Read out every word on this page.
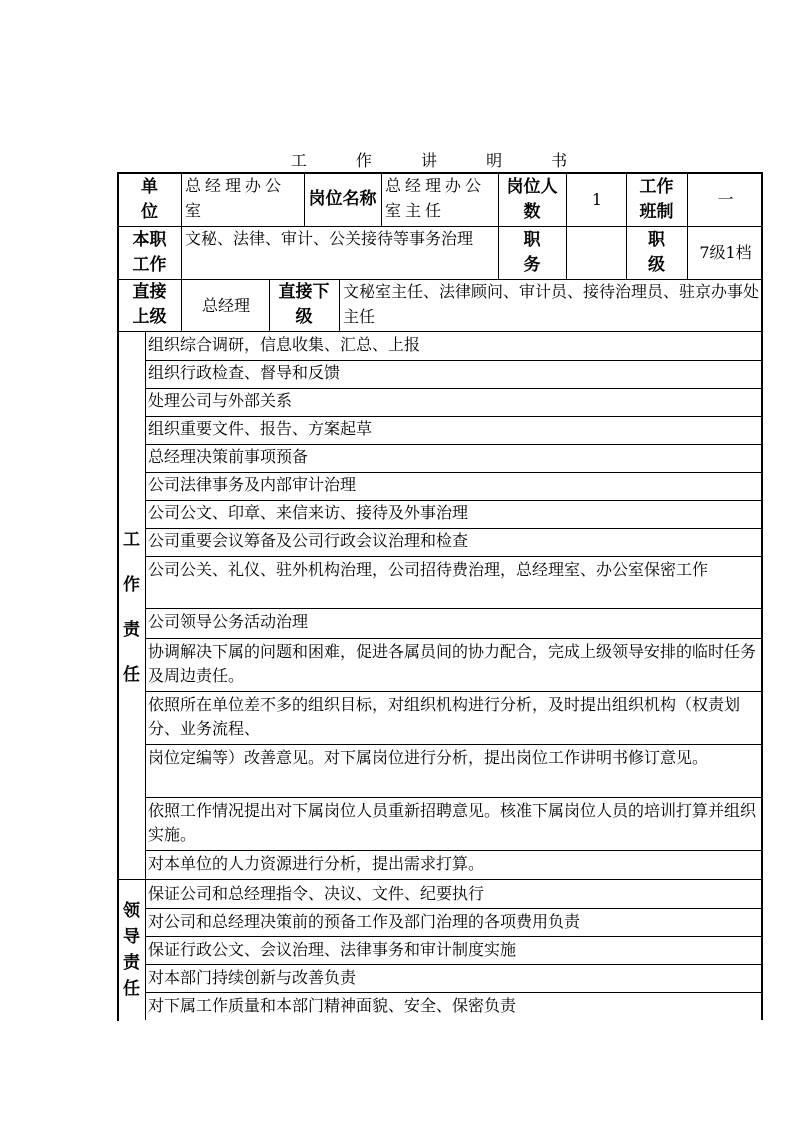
工 作 讲 明 书
单位
总经理办公室
岗位名称
总经理办公室主任
岗位人数
1
工作班制
一
本职工作
文秘、法律、审计、公关接待等事务治理	职务
职级
7级1档
直接上级
总经理
直接下级
文秘室主任、法律顾问、审计员、接待治理员、驻京办事处主任
工
作
责
任
组织综合调研，信息收集、汇总、上报
组织行政检查、督导和反馈
处理公司与外部关系
组织重要文件、报告、方案起草
总经理决策前事项预备
公司法律事务及内部审计治理
公司公文、印章、来信来访、接待及外事治理
公司重要会议筹备及公司行政会议治理和检查
公司公关、礼仪、驻外机构治理，公司招待费治理，总经理室、办公室保密工作
公司领导公务活动治理
协调解决下属的问题和困难，促进各属员间的协力配合，完成上级领导安排的临时任务及周边责任。
依照所在单位差不多的组织目标，对组织机构进行分析，及时提出组织机构（权责划分、业务流程、
岗位定编等）改善意见。对下属岗位进行分析，提出岗位工作讲明书修订意见。
依照工作情况提出对下属岗位人员重新招聘意见。核准下属岗位人员的培训打算并组织实施。
对本单位的人力资源进行分析，提出需求打算。
领
导
责
任
保证公司和总经理指令、决议、文件、纪要执行
对公司和总经理决策前的预备工作及部门治理的各项费用负责
保证行政公文、会议治理、法律事务和审计制度实施
对本部门持续创新与改善负责
对下属工作质量和本部门精神面貌、安全、保密负责
